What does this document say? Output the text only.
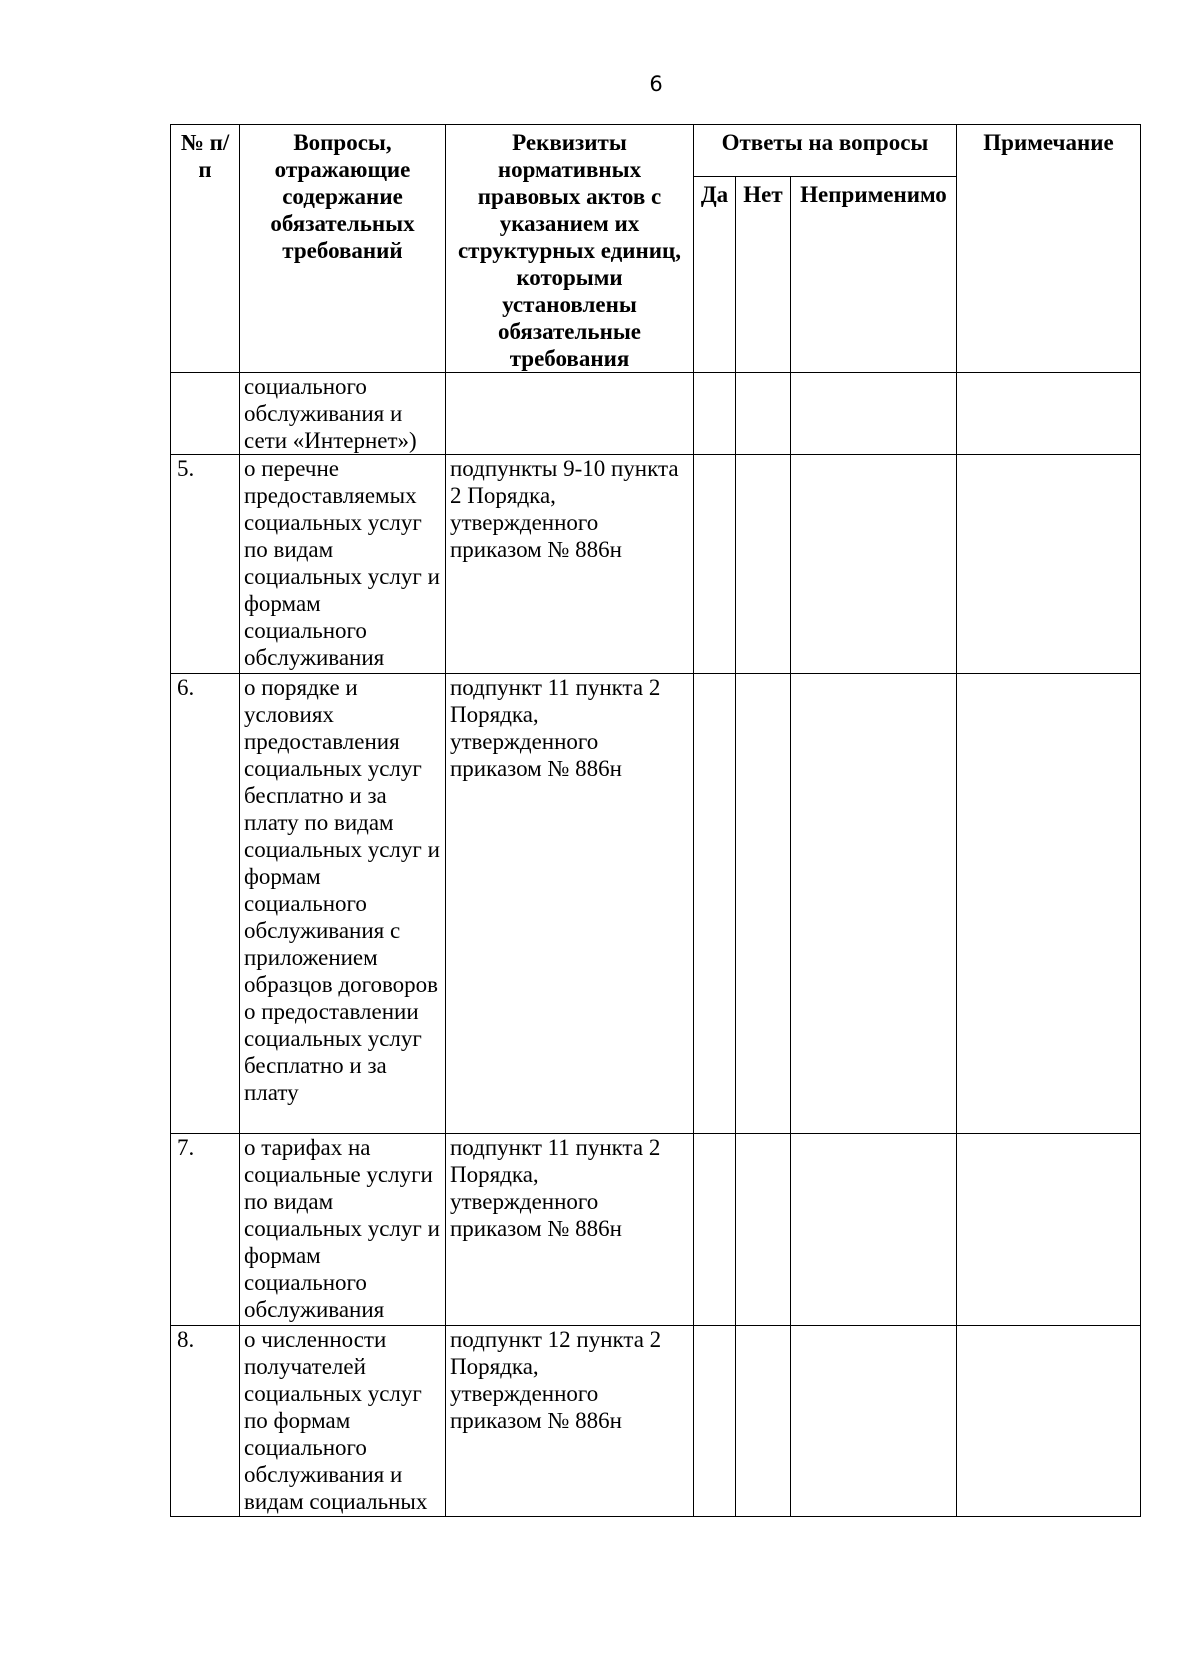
6
№ п/п	Вопросы, отражающие содержание обязательных требований	Реквизиты нормативных правовых актов с указанием их структурных единиц, которыми установлены обязательные требования	Ответы на вопросы			Примечание
			Да	Нет	Неприменимо	
	социального обслуживания и сети «Интернет»)					
5.	о перечне предоставляемых социальных услуг по видам социальных услуг и формам социального обслуживания	подпункты 9-10 пункта 2 Порядка, утвержденного приказом № 886н				
6.	о порядке и условиях предоставления социальных услуг бесплатно и за плату по видам социальных услуг и формам социального обслуживания с приложением образцов договоров о предоставлении социальных услуг бесплатно и за плату	подпункт 11 пункта 2 Порядка, утвержденного приказом № 886н				
7.	о тарифах на социальные услуги по видам социальных услуг и формам социального обслуживания	подпункт 11 пункта 2 Порядка, утвержденного приказом № 886н				
8.	о численности получателей социальных услуг по формам социального обслуживания и видам социальных	подпункт 12 пункта 2 Порядка, утвержденного приказом № 886н				
